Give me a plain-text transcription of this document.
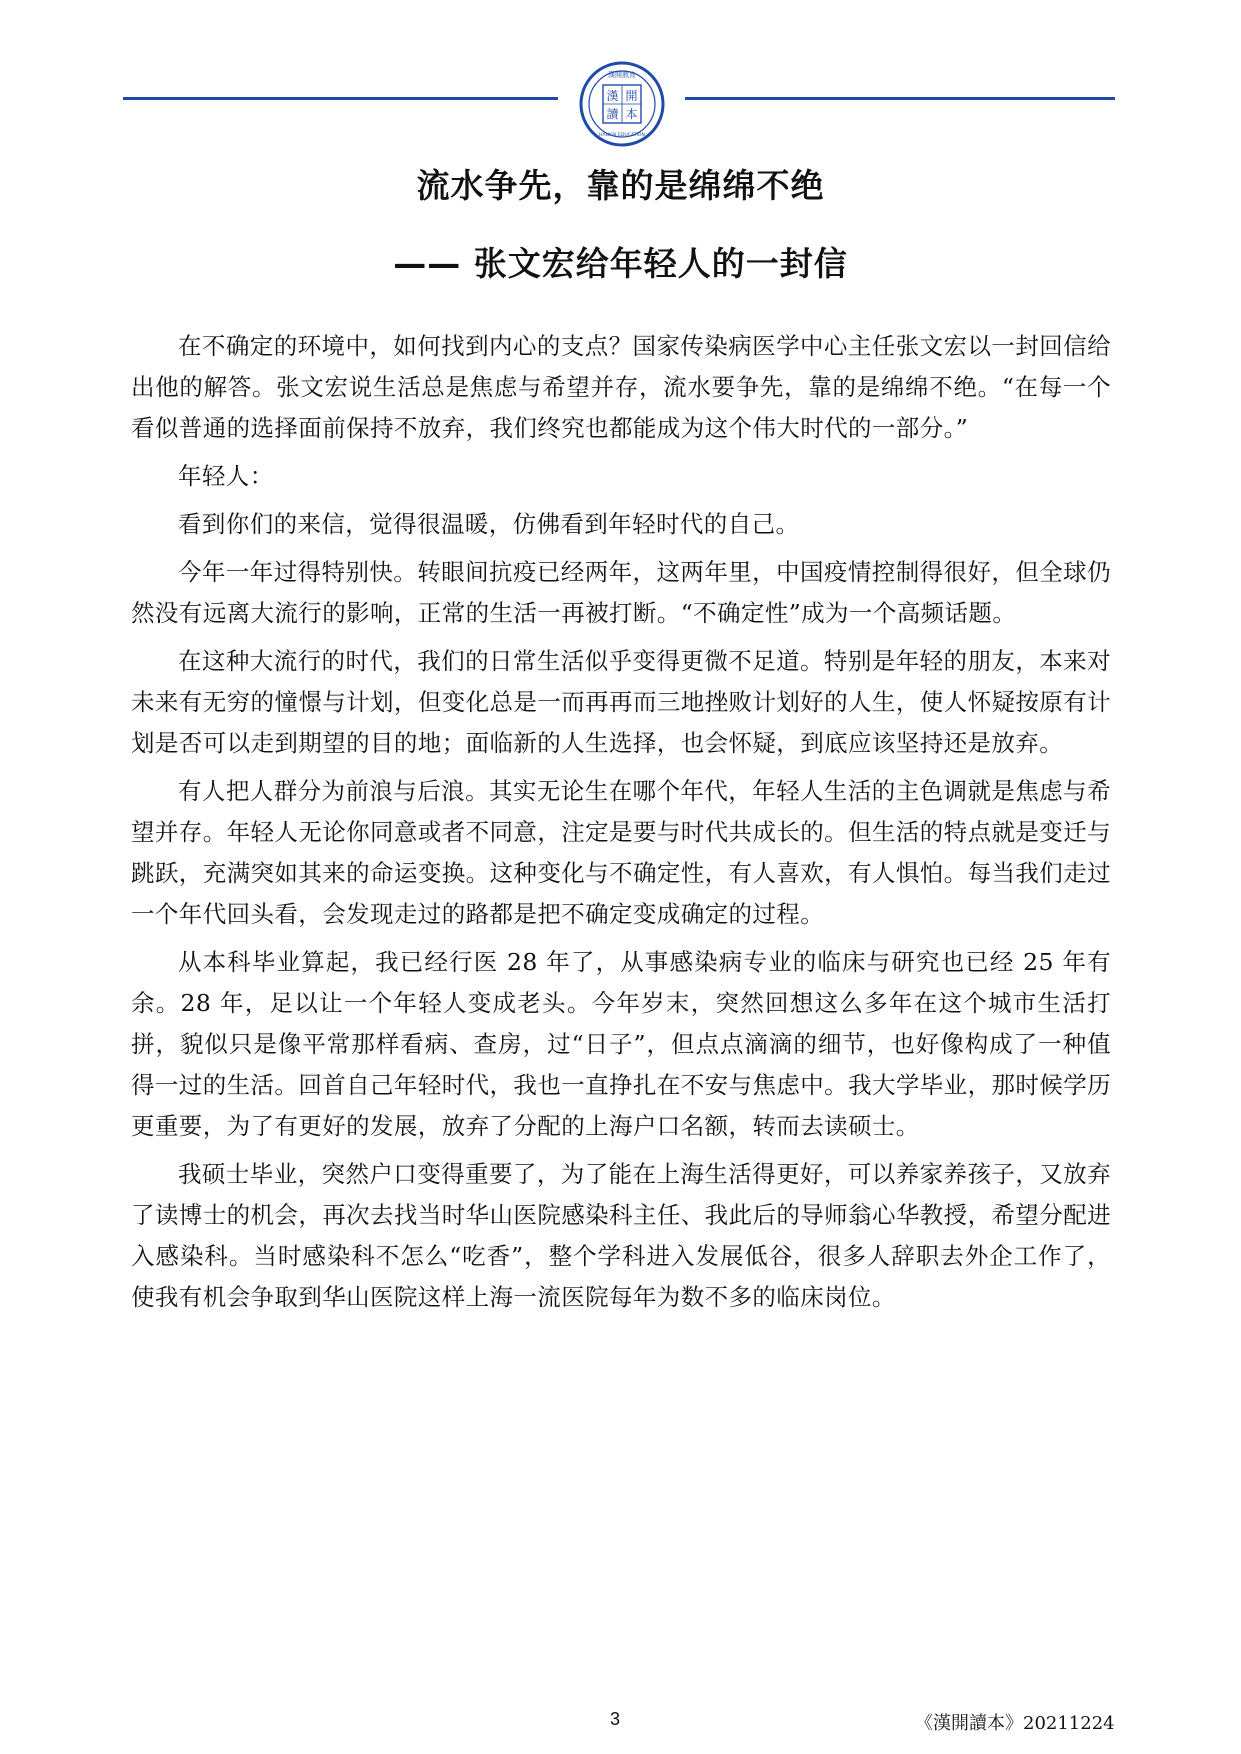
漢 開
讀 本
漢開教育
HANKAI EDUCATION
流水争先，靠的是绵绵不绝
—— 张文宏给年轻人的一封信

在不确定的环境中，如何找到内心的支点？国家传染病医学中心主任张文宏以一封回信给出他的解答。张文宏说生活总是焦虑与希望并存，流水要争先，靠的是绵绵不绝。“在每一个看似普通的选择面前保持不放弃，我们终究也都能成为这个伟大时代的一部分。”

年轻人：

看到你们的来信，觉得很温暖，仿佛看到年轻时代的自己。

今年一年过得特别快。转眼间抗疫已经两年，这两年里，中国疫情控制得很好，但全球仍然没有远离大流行的影响，正常的生活一再被打断。“不确定性”成为一个高频话题。

在这种大流行的时代，我们的日常生活似乎变得更微不足道。特别是年轻的朋友，本来对未来有无穷的憧憬与计划，但变化总是一而再再而三地挫败计划好的人生，使人怀疑按原有计划是否可以走到期望的目的地；面临新的人生选择，也会怀疑，到底应该坚持还是放弃。

有人把人群分为前浪与后浪。其实无论生在哪个年代，年轻人生活的主色调就是焦虑与希望并存。年轻人无论你同意或者不同意，注定是要与时代共成长的。但生活的特点就是变迁与跳跃，充满突如其来的命运变换。这种变化与不确定性，有人喜欢，有人惧怕。每当我们走过一个年代回头看，会发现走过的路都是把不确定变成确定的过程。

从本科毕业算起，我已经行医 28 年了，从事感染病专业的临床与研究也已经 25 年有余。28 年，足以让一个年轻人变成老头。今年岁末，突然回想这么多年在这个城市生活打拼，貌似只是像平常那样看病、查房，过“日子”，但点点滴滴的细节，也好像构成了一种值得一过的生活。回首自己年轻时代，我也一直挣扎在不安与焦虑中。我大学毕业，那时候学历更重要，为了有更好的发展，放弃了分配的上海户口名额，转而去读硕士。

我硕士毕业，突然户口变得重要了，为了能在上海生活得更好，可以养家养孩子，又放弃了读博士的机会，再次去找当时华山医院感染科主任、我此后的导师翁心华教授，希望分配进入感染科。当时感染科不怎么“吃香”，整个学科进入发展低谷，很多人辞职去外企工作了，使我有机会争取到华山医院这样上海一流医院每年为数不多的临床岗位。

3	《漢開讀本》20211224
